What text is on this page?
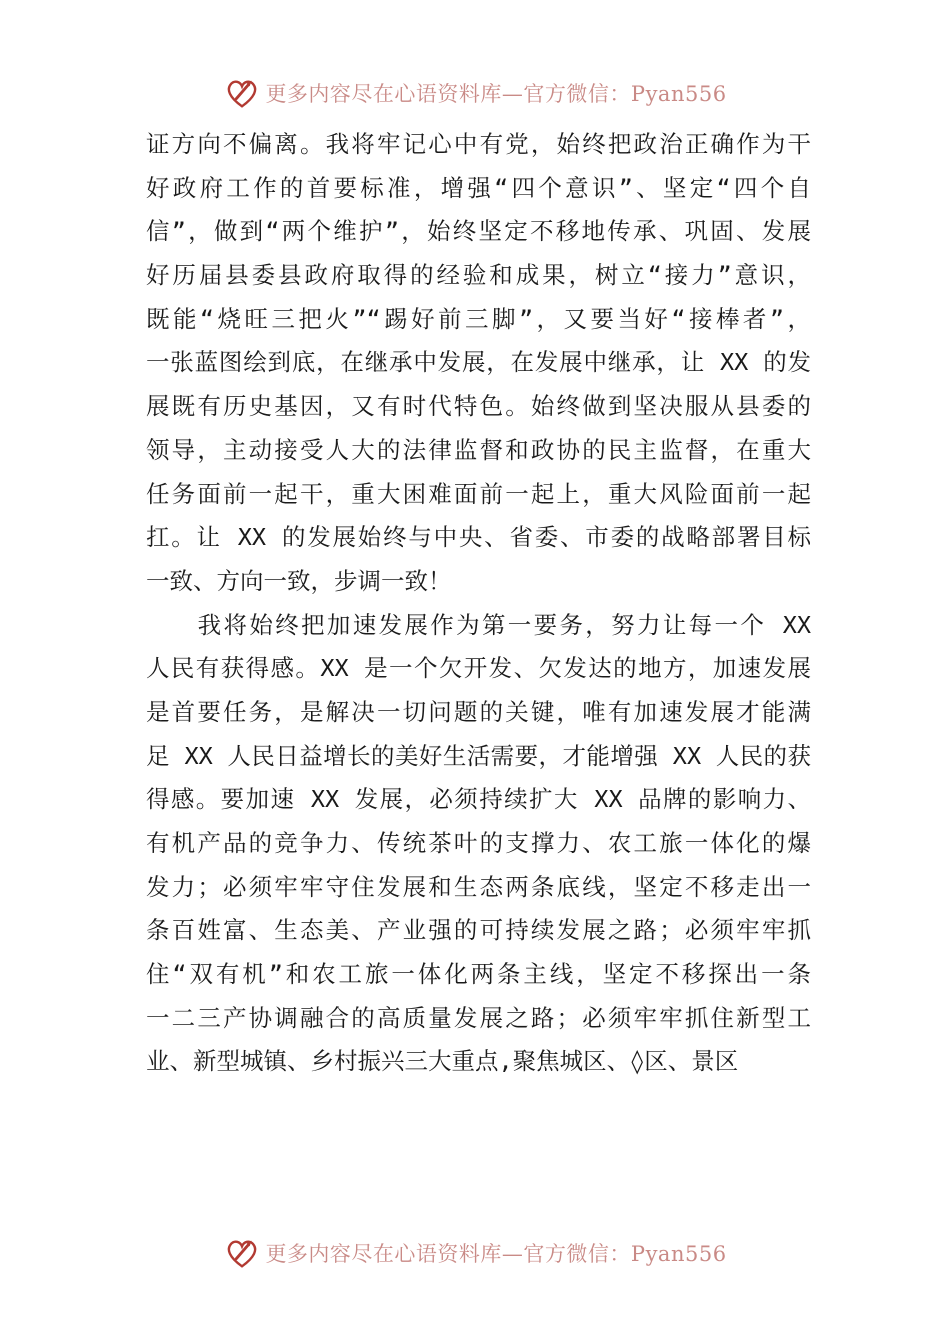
更多内容尽在心语资料库—官方微信：Pyan556
证方向不偏离。我将牢记心中有党，始终把政治正确作为干
好政府工作的首要标准，增强“四个意识”、坚定“四个自
信”，做到“两个维护”，始终坚定不移地传承、巩固、发展
好历届县委县政府取得的经验和成果，树立“接力”意识，
既能“烧旺三把火”“踢好前三脚”，又要当好“接棒者”，
一张蓝图绘到底，在继承中发展，在发展中继承，让 XX 的发
展既有历史基因，又有时代特色。始终做到坚决服从县委的
领导，主动接受人大的法律监督和政协的民主监督，在重大
任务面前一起干，重大困难面前一起上，重大风险面前一起
扛。让 XX 的发展始终与中央、省委、市委的战略部署目标
一致、方向一致，步调一致！
　　我将始终把加速发展作为第一要务，努力让每一个 XX
人民有获得感。XX 是一个欠开发、欠发达的地方，加速发展
是首要任务，是解决一切问题的关键，唯有加速发展才能满
足 XX 人民日益增长的美好生活需要，才能增强 XX 人民的获
得感。要加速 XX 发展，必须持续扩大 XX 品牌的影响力、
有机产品的竞争力、传统茶叶的支撑力、农工旅一体化的爆
发力；必须牢牢守住发展和生态两条底线，坚定不移走出一
条百姓富、生态美、产业强的可持续发展之路；必须牢牢抓
住“双有机”和农工旅一体化两条主线，坚定不移探出一条
一二三产协调融合的高质量发展之路；必须牢牢抓住新型工
业、新型城镇、乡村振兴三大重点,聚焦城区、◊区、景区
更多内容尽在心语资料库—官方微信：Pyan556
